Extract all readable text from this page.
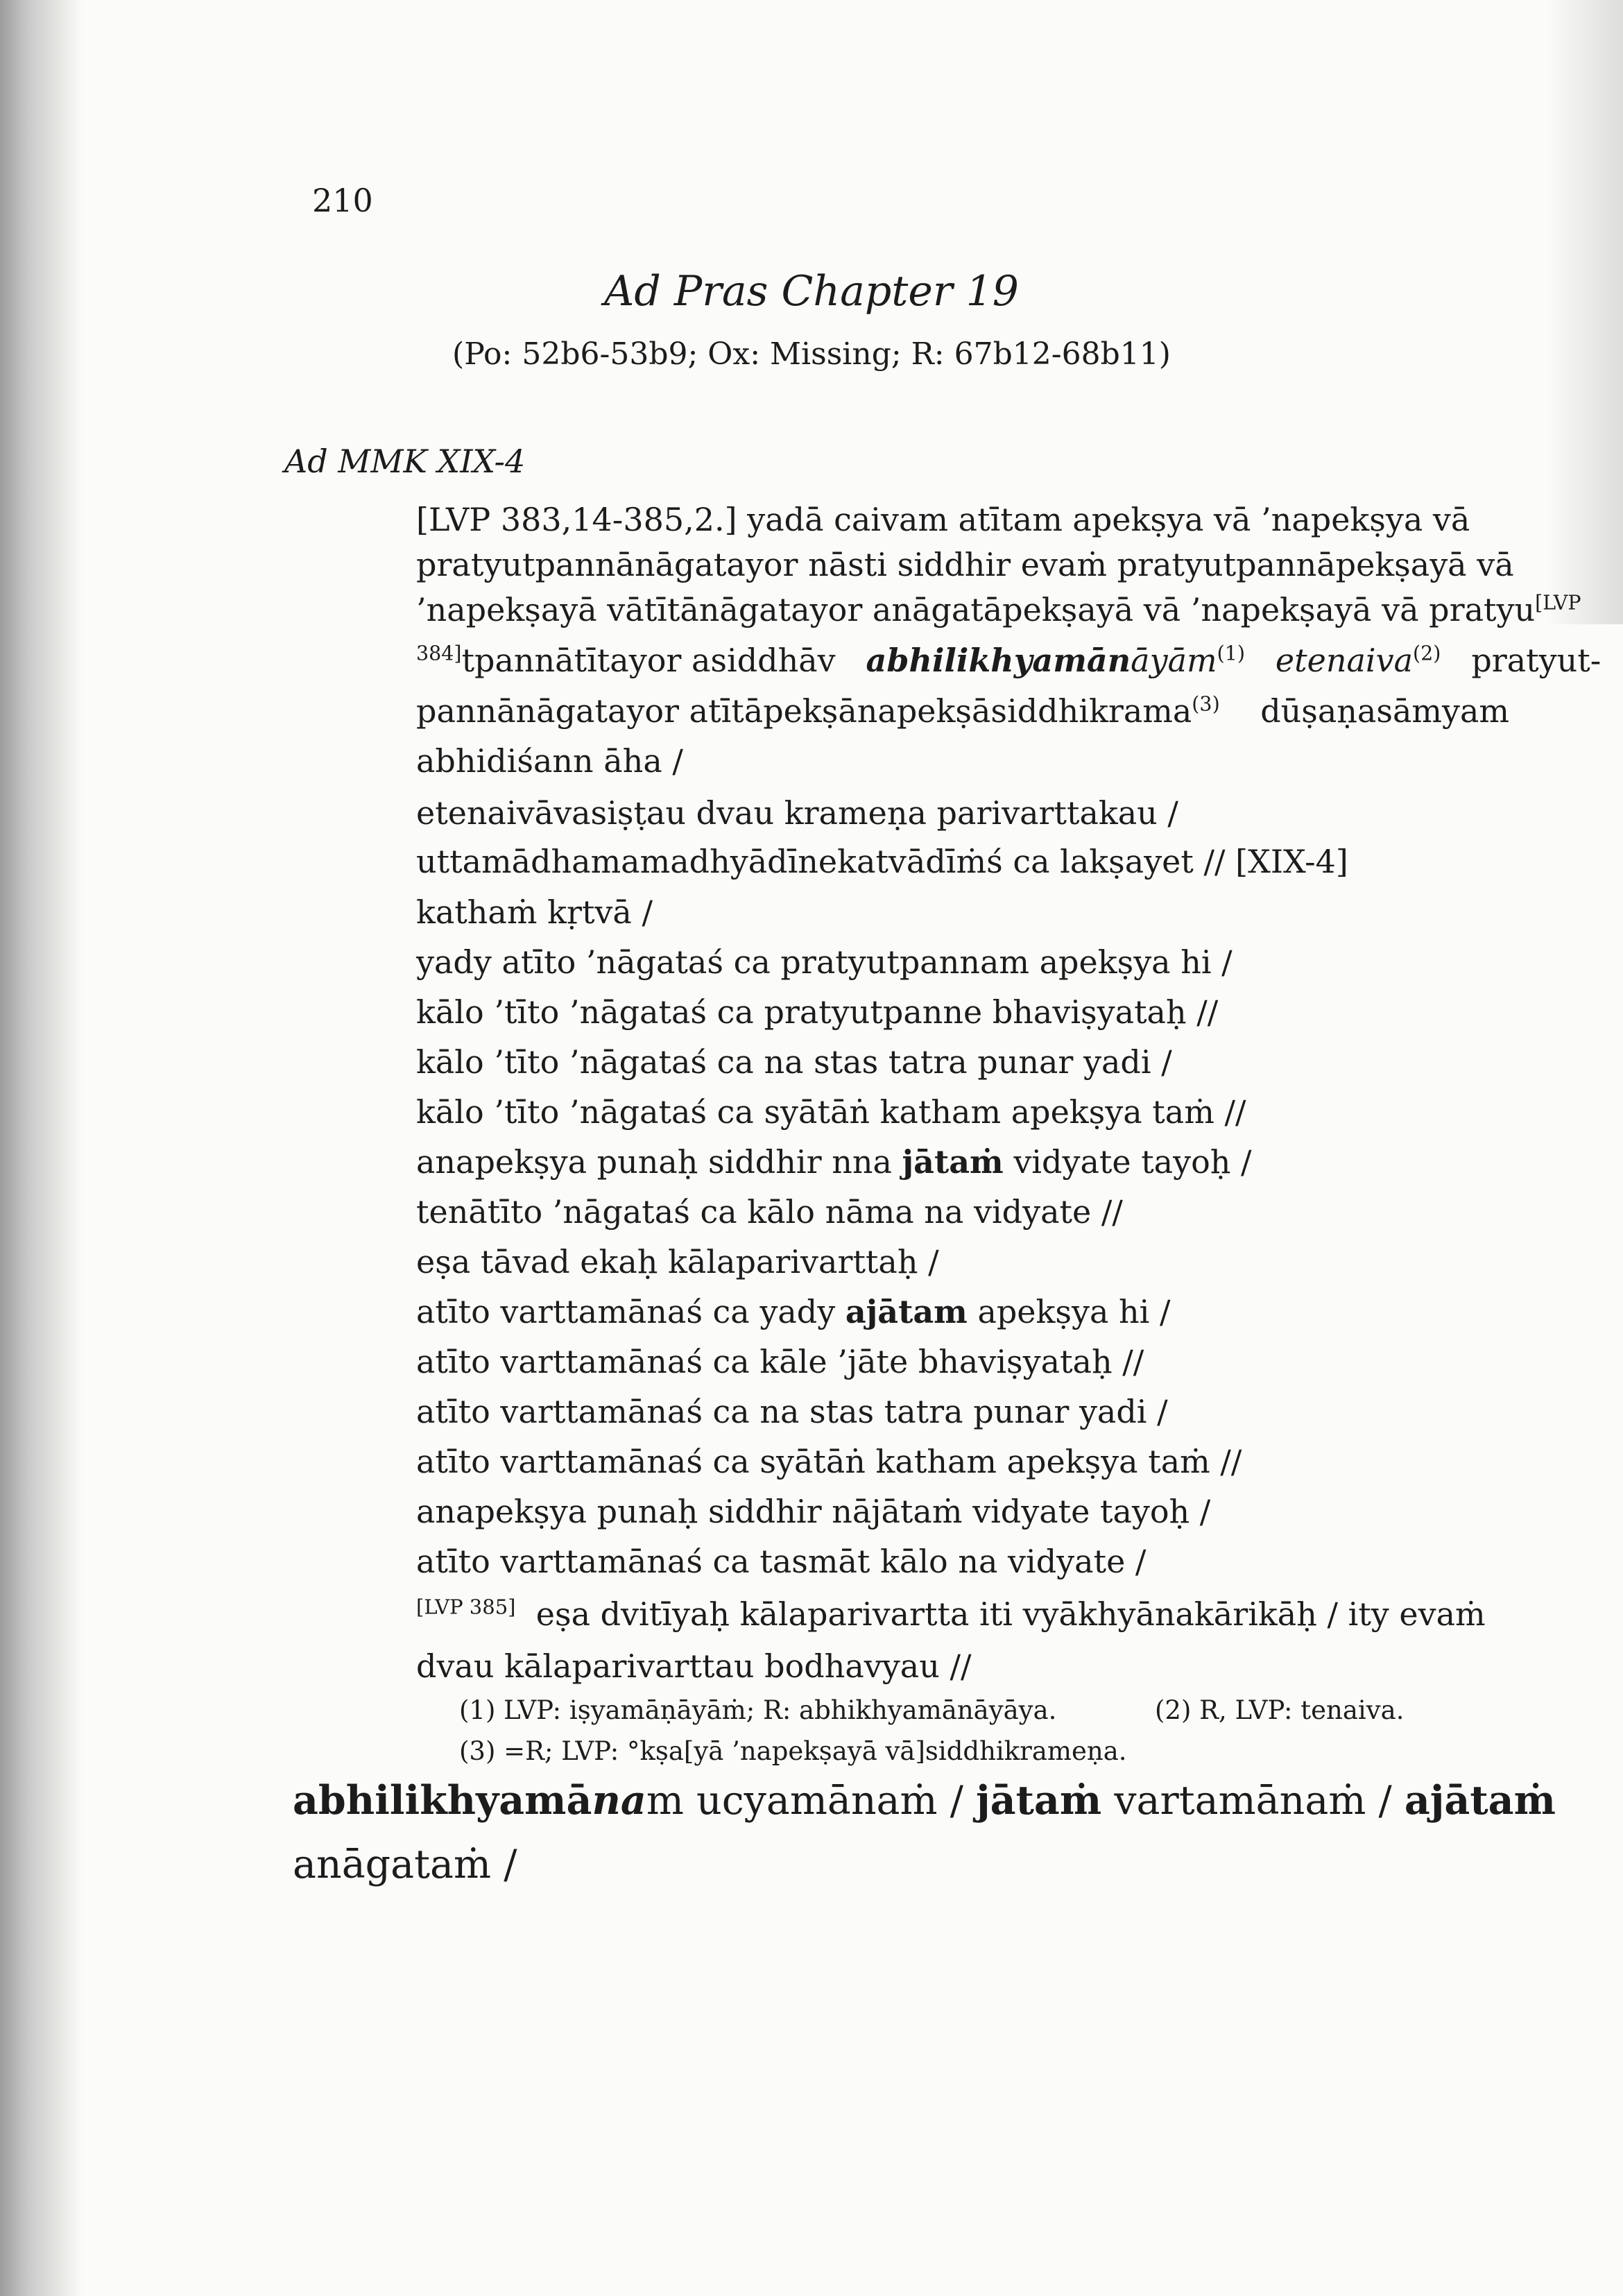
210
Ad Pras Chapter 19
(Po: 52b6-53b9; Ox: Missing; R: 67b12-68b11)
Ad MMK XIX-4
[LVP 383,14-385,2.] yadā caivam atītam apekṣya vā ’napekṣya vā
pratyutpannānāgatayor nāsti siddhir evaṁ pratyutpannāpekṣayā vā
’napekṣayā vātītānāgatayor anāgatāpekṣayā vā ’napekṣayā vā pratyu$^{[LVP}$
$^{384]}$tpannātītayor asiddhāv abhilikhyamānāyām$^{(1)}$ etenaiva$^{(2)}$ pratyut-
pannānāgatayor atītāpekṣānapekṣāsiddhikrama$^{(3)}$ dūṣaṇasāmyam
abhidiśann āha /
etenaivāvasiṣṭau dvau krameṇa parivarttakau /
uttamādhamamadhyādīnekatvādīṁś ca lakṣayet // [XIX-4]
kathaṁ kṛtvā /
yady atīto ’nāgataś ca pratyutpannam apekṣya hi /
kālo ’tīto ’nāgataś ca pratyutpanne bhaviṣyataḥ //
kālo ’tīto ’nāgataś ca na stas tatra punar yadi /
kālo ’tīto ’nāgataś ca syātāṅ katham apekṣya taṁ //
anapekṣya punaḥ siddhir nna jātaṁ vidyate tayoḥ /
tenātīto ’nāgataś ca kālo nāma na vidyate //
eṣa tāvad ekaḥ kālaparivarttaḥ /
atīto varttamānaś ca yady ajātam apekṣya hi /
atīto varttamānaś ca kāle ’jāte bhaviṣyataḥ //
atīto varttamānaś ca na stas tatra punar yadi /
atīto varttamānaś ca syātāṅ katham apekṣya taṁ //
anapekṣya punaḥ siddhir nājātaṁ vidyate tayoḥ /
atīto varttamānaś ca tasmāt kālo na vidyate /
[LVP 385] eṣa dvitīyaḥ kālaparivartta iti vyākhyānakārikāḥ / ity evaṁ
dvau kālaparivarttau bodhavyau //
(1) LVP: iṣyamāṇāyāṁ; R: abhikhyamānāyāya.	(2) R, LVP: tenaiva.
(3) =R; LVP: °kṣa[yā ’napekṣayā vā]siddhikrameṇa.
abhilikhyamānam ucyamānaṁ / jātaṁ vartamānaṁ / ajātaṁ
anāgataṁ /
